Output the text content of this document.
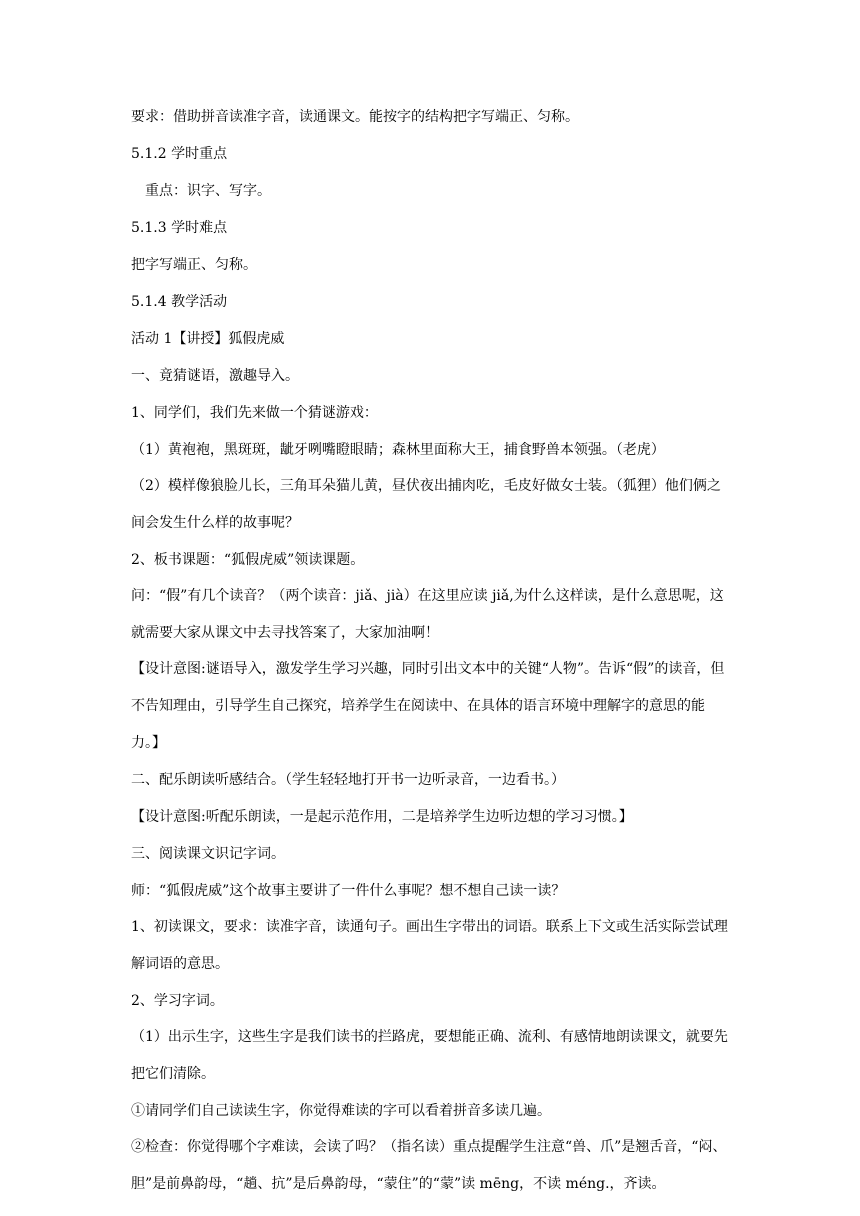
要求：借助拼音读准字音，读通课文。能按字的结构把字写端正、匀称。

5.1.2 学时重点

重点：识字、写字。

5.1.3 学时难点

把字写端正、匀称。

5.1.4 教学活动

活动 1【讲授】狐假虎威

一、竟猜谜语，激趣导入。

1、同学们，我们先来做一个猜谜游戏：

（1）黄袍袍，黑斑斑，龇牙咧嘴瞪眼睛；森林里面称大王，捕食野兽本领强。（老虎）

（2）模样像狼脸儿长，三角耳朵猫儿黄，昼伏夜出捕肉吃，毛皮好做女士装。（狐狸）他们俩之间会发生什么样的故事呢？

2、板书课题：“狐假虎威”领读课题。

问：“假”有几个读音？（两个读音：jiǎ、jià）在这里应读 jiǎ,为什么这样读，是什么意思呢，这就需要大家从课文中去寻找答案了，大家加油啊！

【设计意图:谜语导入，激发学生学习兴趣，同时引出文本中的关键“人物”。告诉“假”的读音，但不告知理由，引导学生自己探究，培养学生在阅读中、在具体的语言环境中理解字的意思的能力。】

二、配乐朗读听感结合。（学生轻轻地打开书一边听录音，一边看书。）

【设计意图:听配乐朗读，一是起示范作用，二是培养学生边听边想的学习习惯。】

三、阅读课文识记字词。

师：“狐假虎威”这个故事主要讲了一件什么事呢？想不想自己读一读？

1、初读课文，要求：读准字音，读通句子。画出生字带出的词语。联系上下文或生活实际尝试理解词语的意思。

2、学习字词。

（1）出示生字，这些生字是我们读书的拦路虎，要想能正确、流利、有感情地朗读课文，就要先把它们清除。

①请同学们自己读读生字，你觉得难读的字可以看着拼音多读几遍。

②检查：你觉得哪个字难读，会读了吗？（指名读）重点提醒学生注意“兽、爪”是翘舌音，“闷、胆”是前鼻韵母，“趟、抗”是后鼻韵母，“蒙住”的“蒙”读 mēng，不读 méng.，齐读。
